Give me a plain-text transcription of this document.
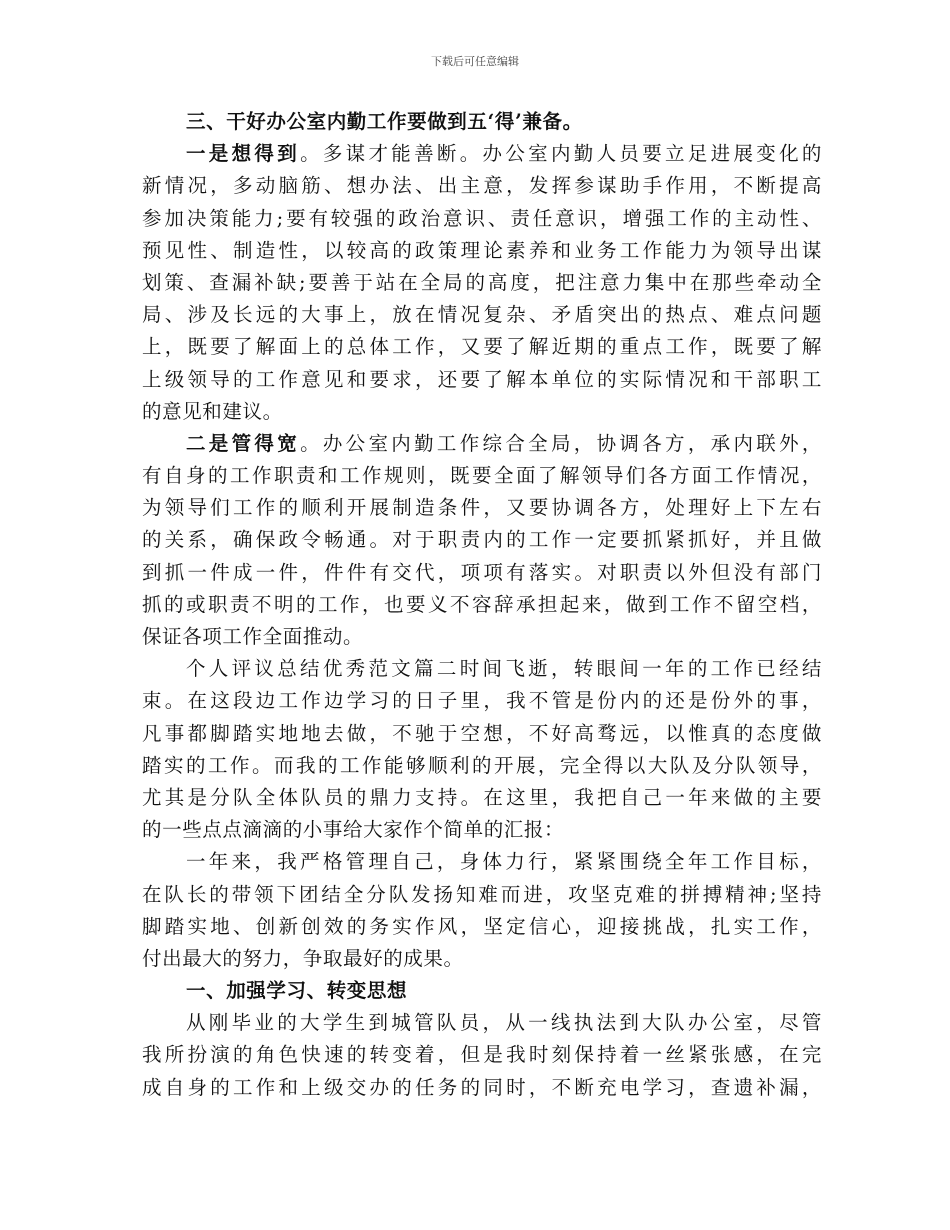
下载后可任意编辑
三、干好办公室内勤工作要做到五‘得’兼备。
一是想得到。多谋才能善断。办公室内勤人员要立足进展变化的
新情况，多动脑筋、想办法、出主意，发挥参谋助手作用，不断提高
参加决策能力;要有较强的政治意识、责任意识，增强工作的主动性、
预见性、制造性，以较高的政策理论素养和业务工作能力为领导出谋
划策、查漏补缺;要善于站在全局的高度，把注意力集中在那些牵动全
局、涉及长远的大事上，放在情况复杂、矛盾突出的热点、难点问题
上，既要了解面上的总体工作，又要了解近期的重点工作，既要了解
上级领导的工作意见和要求，还要了解本单位的实际情况和干部职工
的意见和建议。
二是管得宽。办公室内勤工作综合全局，协调各方，承内联外，
有自身的工作职责和工作规则，既要全面了解领导们各方面工作情况，
为领导们工作的顺利开展制造条件，又要协调各方，处理好上下左右
的关系，确保政令畅通。对于职责内的工作一定要抓紧抓好，并且做
到抓一件成一件，件件有交代，项项有落实。对职责以外但没有部门
抓的或职责不明的工作，也要义不容辞承担起来，做到工作不留空档，
保证各项工作全面推动。
个人评议总结优秀范文篇二时间飞逝，转眼间一年的工作已经结
束。在这段边工作边学习的日子里，我不管是份内的还是份外的事，
凡事都脚踏实地地去做，不驰于空想，不好高骛远，以惟真的态度做
踏实的工作。而我的工作能够顺利的开展，完全得以大队及分队领导，
尤其是分队全体队员的鼎力支持。在这里，我把自己一年来做的主要
的一些点点滴滴的小事给大家作个简单的汇报：
一年来，我严格管理自己，身体力行，紧紧围绕全年工作目标，
在队长的带领下团结全分队发扬知难而进，攻坚克难的拼搏精神;坚持
脚踏实地、创新创效的务实作风，坚定信心，迎接挑战，扎实工作，
付出最大的努力，争取最好的成果。
一、加强学习、转变思想
从刚毕业的大学生到城管队员，从一线执法到大队办公室，尽管
我所扮演的角色快速的转变着，但是我时刻保持着一丝紧张感，在完
成自身的工作和上级交办的任务的同时，不断充电学习，查遗补漏，
